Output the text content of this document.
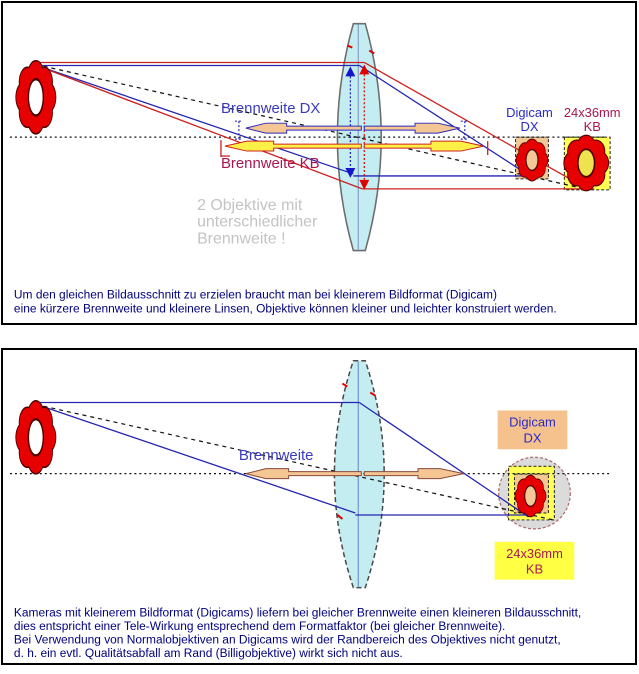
Brennweite DX
Brennweite KB
2 Objektive mit
unterschiedlicher
Brennweite !
Digicam
DX
24x36mm
KB
Um den gleichen Bildausschnitt zu erzielen braucht man bei kleinerem Bildformat (Digicam)
eine kürzere Brennweite und kleinere Linsen, Objektive können kleiner und leichter konstruiert werden.
Brennweite
Digicam
DX
24x36mm
KB
Kameras mit kleinerem Bildformat (Digicams) liefern bei gleicher Brennweite einen kleineren Bildausschnitt,
dies entspricht einer Tele-Wirkung entsprechend dem Formatfaktor (bei gleicher Brennweite).
Bei Verwendung von Normalobjektiven an Digicams wird der Randbereich des Objektives nicht genutzt,
d. h. ein evtl. Qualitätsabfall am Rand (Billigobjektive) wirkt sich nicht aus.
